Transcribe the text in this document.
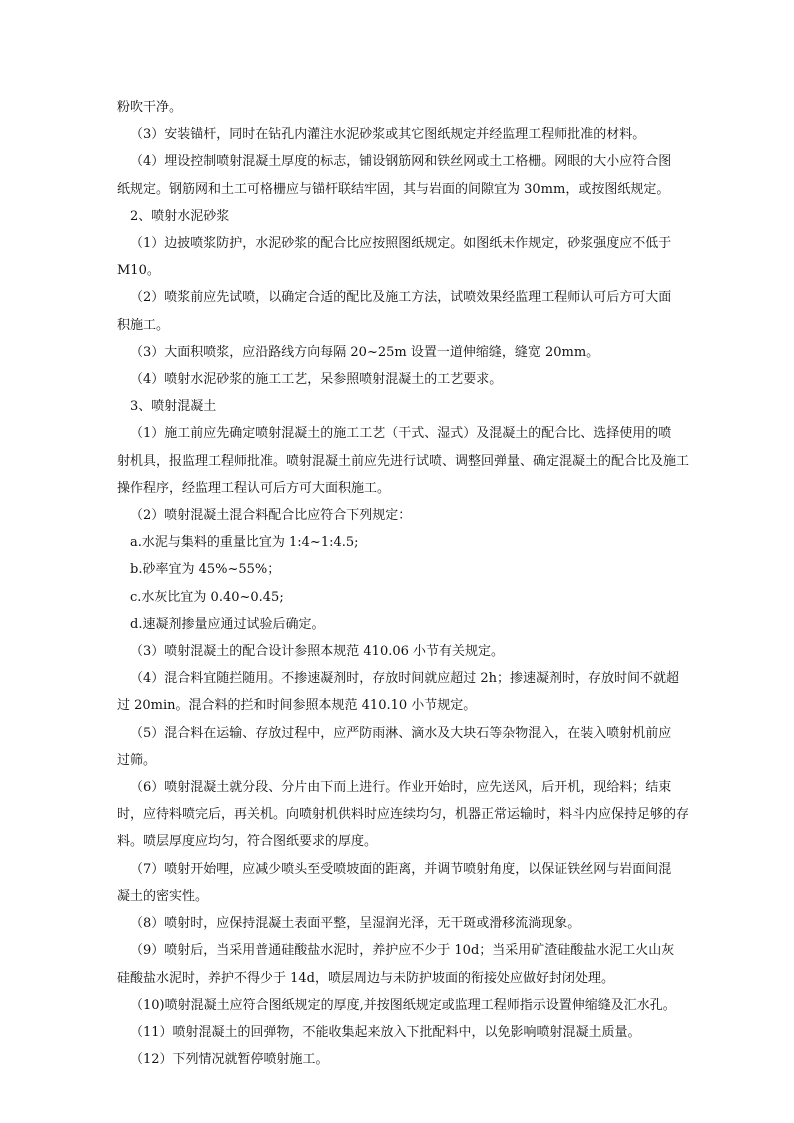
粉吹干净。
（3）安装锚杆，同时在钻孔内灌注水泥砂浆或其它图纸规定并经监理工程师批准的材料。
（4）埋设控制喷射混凝土厚度的标志，铺设钢筋网和铁丝网或土工格栅。网眼的大小应符合图
纸规定。钢筋网和土工可格栅应与锚杆联结牢固，其与岩面的间隙宜为 30mm，或按图纸规定。
2、喷射水泥砂浆
（1）边披喷浆防护，水泥砂浆的配合比应按照图纸规定。如图纸未作规定，砂浆强度应不低于
M10。
（2）喷浆前应先试喷，以确定合适的配比及施工方法，试喷效果经监理工程师认可后方可大面
积施工。
（3）大面积喷浆，应沿路线方向每隔 20~25m 设置一道伸缩缝，缝宽 20mm。
（4）喷射水泥砂浆的施工工艺，呆参照喷射混凝土的工艺要求。
3、喷射混凝土
（1）施工前应先确定喷射混凝土的施工工艺（干式、湿式）及混凝土的配合比、选择使用的喷
射机具，报监理工程师批准。喷射混凝土前应先进行试喷、调整回弹量、确定混凝土的配合比及施工
操作程序，经监理工程认可后方可大面积施工。
（2）喷射混凝土混合料配合比应符合下列规定：
a.水泥与集料的重量比宜为 1:4~1:4.5;
b.砂率宜为 45%~55%；
c.水灰比宜为 0.40~0.45;
d.速凝剂掺量应通过试验后确定。
（3）喷射混凝土的配合设计参照本规范 410.06 小节有关规定。
（4）混合料宜随拦随用。不掺速凝剂时，存放时间就应超过 2h；掺速凝剂时，存放时间不就超
过 20min。混合料的拦和时间参照本规范 410.10 小节规定。
（5）混合料在运输、存放过程中，应严防雨淋、滴水及大块石等杂物混入，在装入喷射机前应
过筛。
（6）喷射混凝土就分段、分片由下而上进行。作业开始时，应先送风，后开机，现给料；结束
时，应待料喷完后，再关机。向喷射机供料时应连续均匀，机器正常运输时，料斗内应保持足够的存
料。喷层厚度应均匀，符合图纸要求的厚度。
（7）喷射开始哩，应减少喷头至受喷坡面的距离，并调节喷射角度，以保证铁丝网与岩面间混
凝土的密实性。
（8）喷射时，应保持混凝土表面平整，呈湿润光泽，无干斑或滑移流淌现象。
（9）喷射后，当采用普通硅酸盐水泥时，养护应不少于 10d；当采用矿渣硅酸盐水泥工火山灰
硅酸盐水泥时，养护不得少于 14d，喷层周边与未防护坡面的衔接处应做好封闭处理。
（10)喷射混凝土应符合图纸规定的厚度,并按图纸规定或监理工程师指示设置伸缩缝及汇水孔。
（11）喷射混凝土的回弹物，不能收集起来放入下批配料中，以免影响喷射混凝土质量。
（12）下列情况就暂停喷射施工。
